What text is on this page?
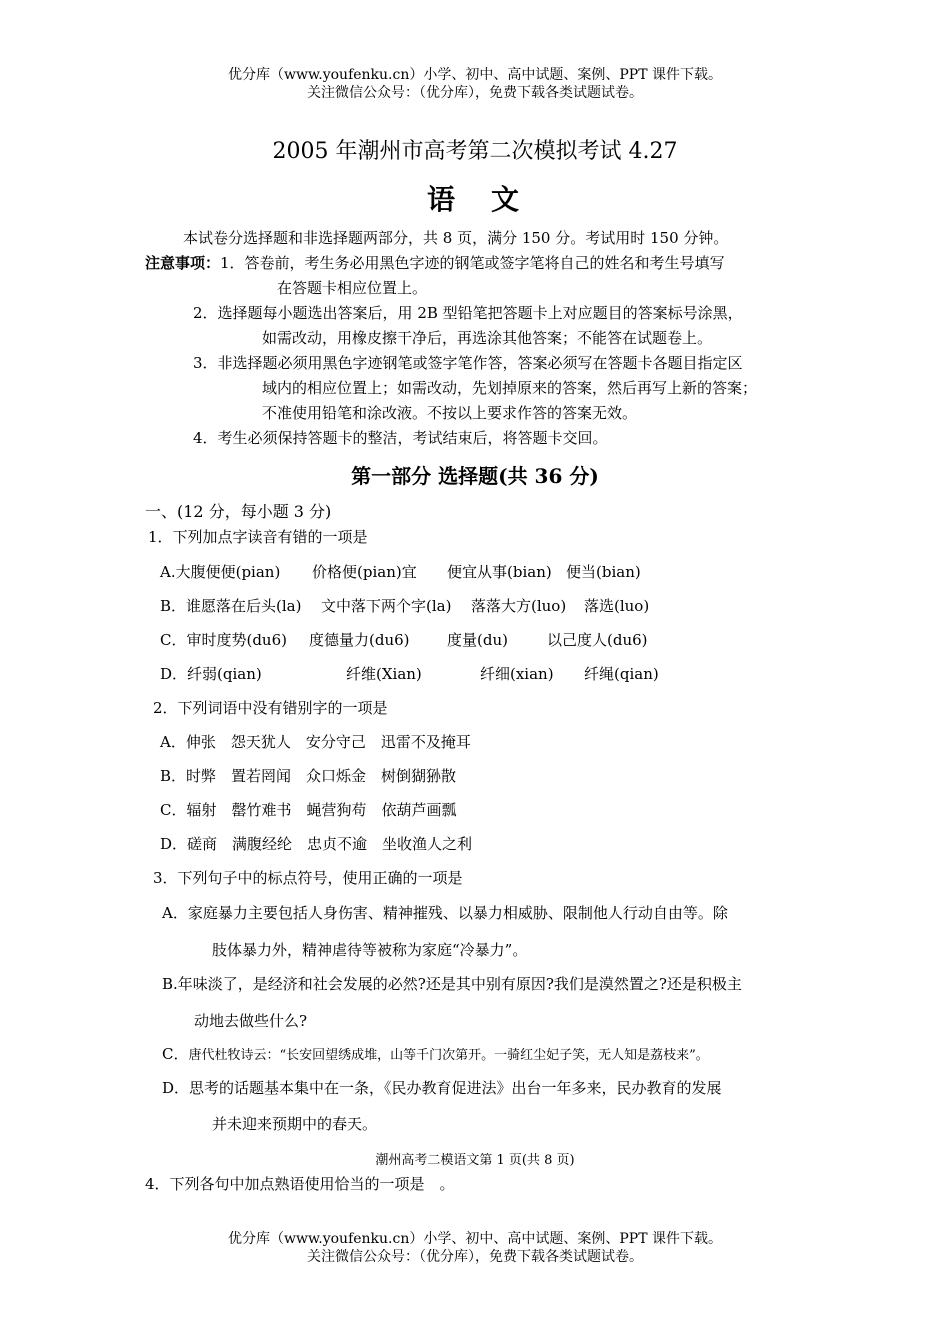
优分库（www.youfenku.cn）小学、初中、高中试题、案例、PPT 课件下载。
关注微信公众号：（优分库），免费下载各类试题试卷。
2005 年潮州市高考第二次模拟考试 4.27
语　文
本试卷分选择题和非选择题两部分，共 8 页，满分 150 分。考试用时 150 分钟。
注意事项：1．答卷前，考生务必用黑色字迹的钢笔或签字笔将自己的姓名和考生号填写
在答题卡相应位置上。
2．选择题每小题选出答案后，用 2B 型铅笔把答题卡上对应题目的答案标号涂黑，
如需改动，用橡皮擦干净后，再选涂其他答案；不能答在试题卷上。
3．非选择题必须用黑色字迹钢笔或签字笔作答，答案必须写在答题卡各题目指定区
域内的相应位置上；如需改动，先划掉原来的答案，然后再写上新的答案；
不准使用铅笔和涂改液。不按以上要求作答的答案无效。
4．考生必须保持答题卡的整洁，考试结束后，将答题卡交回。
第一部分 选择题(共 36 分)
一、(12 分，每小题 3 分)
1．下列加点字读音有错的一项是
A.大腹便便(pian) 价格便(pian)宜 便宜从事(bian) 便当(bian)
B．谁愿落在后头(la) 文中落下两个字(la) 落落大方(luo) 落选(luo)
C．审时度势(du6) 度德量力(du6) 度量(du)	以己度人(du6)
D．纤弱(qian)	纤维(Xian)	纤细(xian) 纤绳(qian)
2．下列词语中没有错别字的一项是
A．伸张　怨天犹人　安分守己　迅雷不及掩耳
B．时弊　置若罔闻　众口烁金　树倒猢狲散
C．辐射　罄竹难书　蝇营狗苟　依葫芦画瓢
D．磋商　满腹经纶　忠贞不逾　坐收渔人之利
3．下列句子中的标点符号，使用正确的一项是
A．家庭暴力主要包括人身伤害、精神摧残、以暴力相威胁、限制他人行动自由等。除
肢体暴力外，精神虐待等被称为家庭“冷暴力”。
B.年味淡了，是经济和社会发展的必然?还是其中别有原因?我们是漠然置之?还是积极主
动地去做些什么?
C．唐代杜牧诗云：“长安回望绣成堆，山等千门次第开。一骑红尘妃子笑，无人知是荔枝来”。
D．思考的话题基本集中在一条，《民办教育促进法》出台一年多来，民办教育的发展
并未迎来预期中的春天。
潮州高考二模语文第 1 页(共 8 页)
4．下列各句中加点熟语使用恰当的一项是　。
优分库（www.youfenku.cn）小学、初中、高中试题、案例、PPT 课件下载。
关注微信公众号：（优分库），免费下载各类试题试卷。
